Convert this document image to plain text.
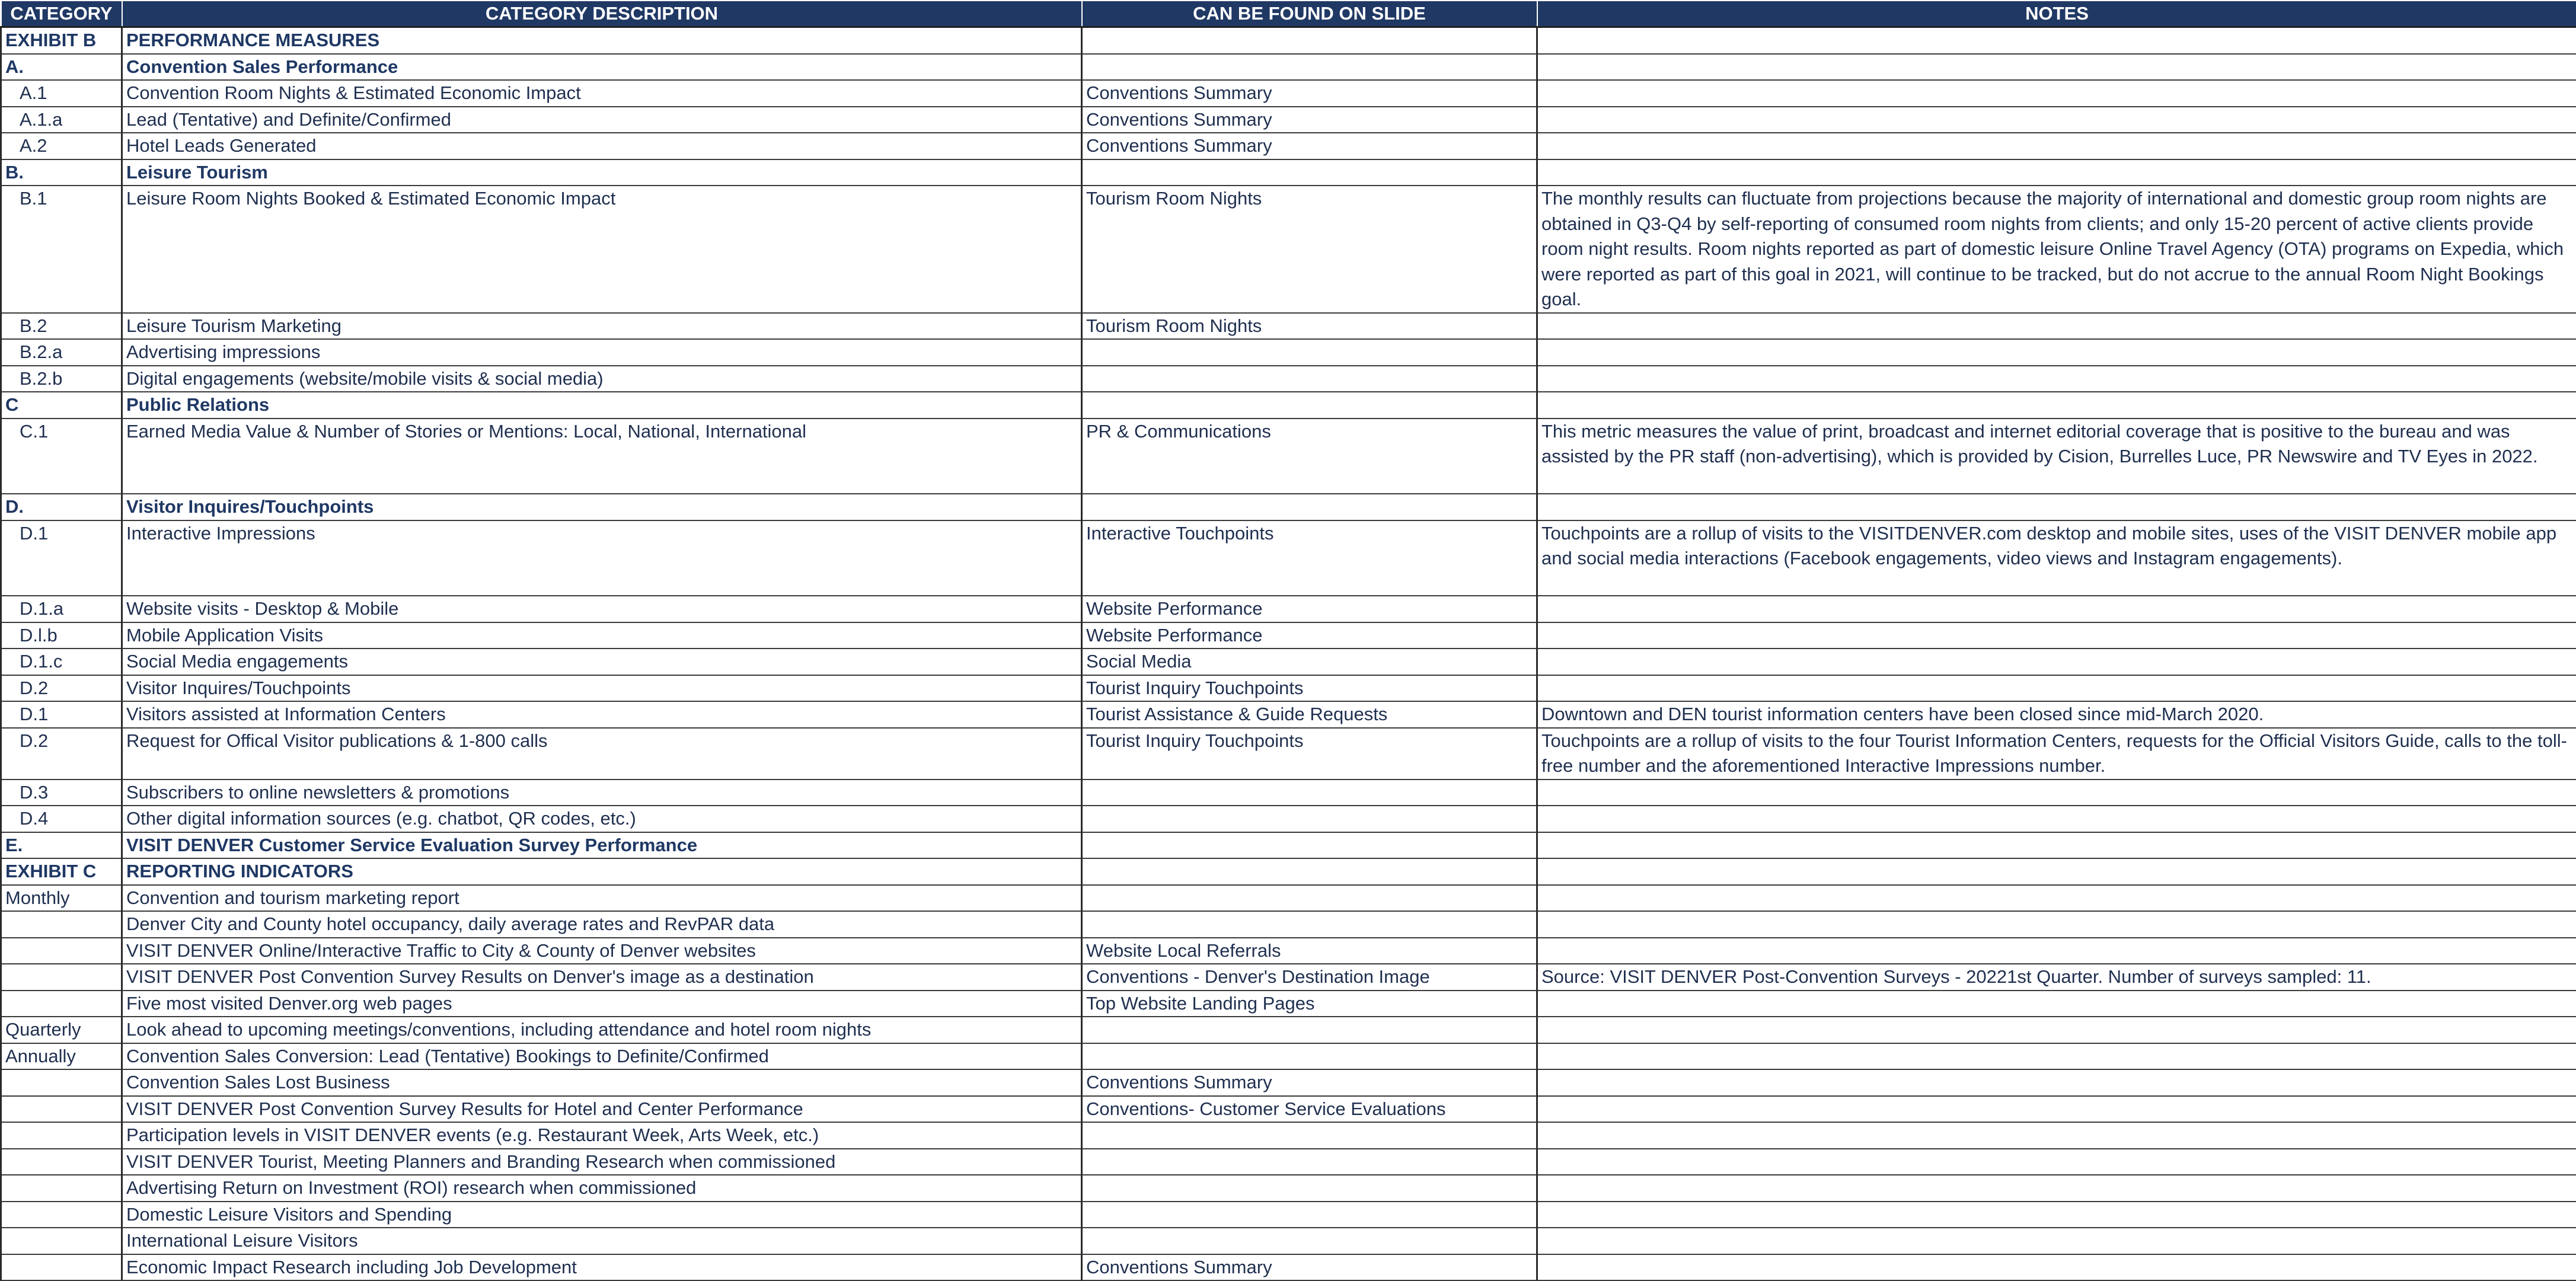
CATEGORY	CATEGORY DESCRIPTION	CAN BE FOUND ON SLIDE	NOTES
EXHIBIT B	PERFORMANCE MEASURES		
A.	Convention Sales Performance		
A.1	Convention Room Nights & Estimated Economic Impact	Conventions Summary	
A.1.a	Lead (Tentative) and Definite/Confirmed	Conventions Summary	
A.2	Hotel Leads Generated	Conventions Summary	
B.	Leisure Tourism		
B.1	Leisure Room Nights Booked & Estimated Economic Impact	Tourism Room Nights	The monthly results can fluctuate from projections because the majority of international and domestic group room nights are obtained in Q3-Q4 by self-reporting of consumed room nights from clients; and only 15-20 percent of active clients provide room night results. Room nights reported as part of domestic leisure Online Travel Agency (OTA) programs on Expedia, which were reported as part of this goal in 2021, will continue to be tracked, but do not accrue to the annual Room Night Bookings goal.
B.2	Leisure Tourism Marketing	Tourism Room Nights	
B.2.a	Advertising impressions		
B.2.b	Digital engagements (website/mobile visits & social media)		
C	Public Relations		
C.1	Earned Media Value & Number of Stories or Mentions: Local, National, International	PR & Communications	This metric measures the value of print, broadcast and internet editorial coverage that is positive to the bureau and was assisted by the PR staff (non-advertising), which is provided by Cision, Burrelles Luce, PR Newswire and TV Eyes in 2022.
D.	Visitor Inquires/Touchpoints		
D.1	Interactive Impressions	Interactive Touchpoints	Touchpoints are a rollup of visits to the VISITDENVER.com desktop and mobile sites, uses of the VISIT DENVER mobile app and social media interactions (Facebook engagements, video views and Instagram engagements).
D.1.a	Website visits - Desktop & Mobile	Website Performance	
D.l.b	Mobile Application Visits	Website Performance	
D.1.c	Social Media engagements	Social Media	
D.2	Visitor Inquires/Touchpoints	Tourist Inquiry Touchpoints	
D.1	Visitors assisted at Information Centers	Tourist Assistance & Guide Requests	Downtown and DEN tourist information centers have been closed since mid-March 2020.
D.2	Request for Offical Visitor publications & 1-800 calls	Tourist Inquiry Touchpoints	Touchpoints are a rollup of visits to the four Tourist Information Centers, requests for the Official Visitors Guide, calls to the toll-free number and the aforementioned Interactive Impressions number.
D.3	Subscribers to online newsletters & promotions		
D.4	Other digital information sources (e.g. chatbot, QR codes, etc.)		
E.	VISIT DENVER Customer Service Evaluation Survey Performance		
EXHIBIT C	REPORTING INDICATORS		
Monthly	Convention and tourism marketing report		
	Denver City and County hotel occupancy, daily average rates and RevPAR data		
	VISIT DENVER Online/Interactive Traffic to City & County of Denver websites	Website Local Referrals	
	VISIT DENVER Post Convention Survey Results on Denver's image as a destination	Conventions - Denver's Destination Image	Source: VISIT DENVER Post-Convention Surveys - 20221st Quarter. Number of surveys sampled: 11.
	Five most visited Denver.org web pages	Top Website Landing Pages	
Quarterly	Look ahead to upcoming meetings/conventions, including attendance and hotel room nights		
Annually	Convention Sales Conversion: Lead (Tentative) Bookings to Definite/Confirmed		
	Convention Sales Lost Business	Conventions Summary	
	VISIT DENVER Post Convention Survey Results for Hotel and Center Performance	Conventions- Customer Service Evaluations	
	Participation levels in VISIT DENVER events (e.g. Restaurant Week, Arts Week, etc.)		
	VISIT DENVER Tourist, Meeting Planners and Branding Research when commissioned		
	Advertising Return on Investment (ROI) research when commissioned		
	Domestic Leisure Visitors and Spending		
	International Leisure Visitors		
	Economic Impact Research including Job Development	Conventions Summary	
